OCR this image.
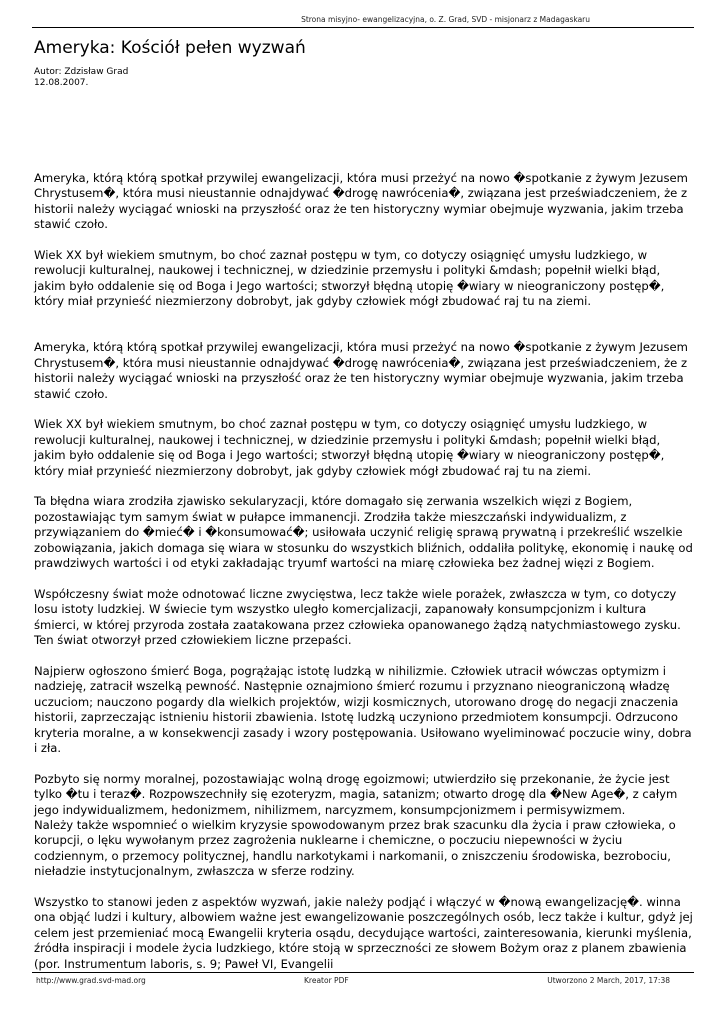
Strona misyjno- ewangelizacyjna, o. Z. Grad, SVD - misjonarz z Madagaskaru
Ameryka: Kościół pełen wyzwań
Autor: Zdzisław Grad
12.08.2007.

Ameryka, którą którą spotkał przywilej ewangelizacji, która musi przeżyć na nowo �spotkanie z żywym Jezusem Chrystusem�, która musi nieustannie odnajdywać �drogę nawrócenia�, związana jest przeświadczeniem, że z historii należy wyciągać wnioski na przyszłość oraz że ten historyczny wymiar obejmuje wyzwania, jakim trzeba stawić czoło.

Wiek XX był wiekiem smutnym, bo choć zaznał postępu w tym, co dotyczy osiągnięć umysłu ludzkiego, w rewolucji kulturalnej, naukowej i technicznej, w dziedzinie przemysłu i polityki &mdash; popełnił wielki błąd, jakim było oddalenie się od Boga i Jego wartości; stworzył błędną utopię �wiary w nieograniczony postęp�, który miał przynieść niezmierzony dobrobyt, jak gdyby człowiek mógł zbudować raj tu na ziemi.

Ameryka, którą którą spotkał przywilej ewangelizacji, która musi przeżyć na nowo �spotkanie z żywym Jezusem Chrystusem�, która musi nieustannie odnajdywać �drogę nawrócenia�, związana jest przeświadczeniem, że z historii należy wyciągać wnioski na przyszłość oraz że ten historyczny wymiar obejmuje wyzwania, jakim trzeba stawić czoło.

Wiek XX był wiekiem smutnym, bo choć zaznał postępu w tym, co dotyczy osiągnięć umysłu ludzkiego, w rewolucji kulturalnej, naukowej i technicznej, w dziedzinie przemysłu i polityki &mdash; popełnił wielki błąd, jakim było oddalenie się od Boga i Jego wartości; stworzył błędną utopię �wiary w nieograniczony postęp�, który miał przynieść niezmierzony dobrobyt, jak gdyby człowiek mógł zbudować raj tu na ziemi.

Ta błędna wiara zrodziła zjawisko sekularyzacji, które domagało się zerwania wszelkich więzi z Bogiem, pozostawiając tym samym świat w pułapce immanencji. Zrodziła także mieszczański indywidualizm, z przywiązaniem do �mieć� i �konsumować�; usiłowała uczynić religię sprawą prywatną i przekreślić wszelkie zobowiązania, jakich domaga się wiara w stosunku do wszystkich bliźnich, oddaliła politykę, ekonomię i naukę od prawdziwych wartości i od etyki zakładając tryumf wartości na miarę człowieka bez żadnej więzi z Bogiem.

Współczesny świat może odnotować liczne zwycięstwa, lecz także wiele porażek, zwłaszcza w tym, co dotyczy losu istoty ludzkiej. W świecie tym wszystko uległo komercjalizacji, zapanowały konsumpcjonizm i kultura śmierci, w której przyroda została zaatakowana przez człowieka opanowanego żądzą natychmiastowego zysku. Ten świat otworzył przed człowiekiem liczne przepaści.

Najpierw ogłoszono śmierć Boga, pogrążając istotę ludzką w nihilizmie. Człowiek utracił wówczas optymizm i nadzieję, zatracił wszelką pewność. Następnie oznajmiono śmierć rozumu i przyznano nieograniczoną władzę uczuciom; nauczono pogardy dla wielkich projektów, wizji kosmicznych, utorowano drogę do negacji znaczenia historii, zaprzeczając istnieniu historii zbawienia. Istotę ludzką uczyniono przedmiotem konsumpcji. Odrzucono kryteria moralne, a w konsekwencji zasady i wzory postępowania. Usiłowano wyeliminować poczucie winy, dobra i zła.

Pozbyto się normy moralnej, pozostawiając wolną drogę egoizmowi; utwierdziło się przekonanie, że życie jest tylko �tu i teraz�. Rozpowszechniły się ezoteryzm, magia, satanizm; otwarto drogę dla �New Age�, z całym jego indywidualizmem, hedonizmem, nihilizmem, narcyzmem, konsumpcjonizmem i permisywizmem.

Należy także wspomnieć o wielkim kryzysie spowodowanym przez brak szacunku dla życia i praw człowieka, o korupcji, o lęku wywołanym przez zagrożenia nuklearne i chemiczne, o poczuciu niepewności w życiu codziennym, o przemocy politycznej, handlu narkotykami i narkomanii, o zniszczeniu środowiska, bezrobociu, nieładzie instytucjonalnym, zwłaszcza w sferze rodziny.

Wszystko to stanowi jeden z aspektów wyzwań, jakie należy podjąć i włączyć w �nową ewangelizację�. winna ona objąć ludzi i kultury, albowiem ważne jest ewangelizowanie poszczególnych osób, lecz także i kultur, gdyż jej celem jest przemieniać mocą Ewangelii kryteria osądu, decydujące wartości, zainteresowania, kierunki myślenia, źródła inspiracji i modele życia ludzkiego, które stoją w sprzeczności ze słowem Bożym oraz z planem zbawienia (por. Instrumentum laboris, s. 9; Paweł VI, Evangelii

http://www.grad.svd-mad.org	Kreator PDF	Utworzono 2 March, 2017, 17:38
